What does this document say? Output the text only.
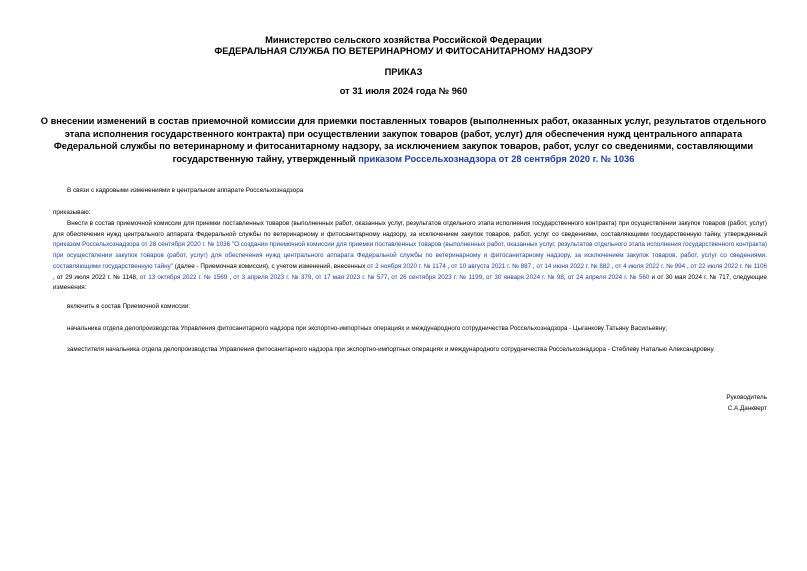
Министерство сельского хозяйства Российской Федерации
ФЕДЕРАЛЬНАЯ СЛУЖБА ПО ВЕТЕРИНАРНОМУ И ФИТОСАНИТАРНОМУ НАДЗОРУ
ПРИКАЗ
от 31 июля 2024 года № 960
О внесении изменений в состав приемочной комиссии для приемки поставленных товаров (выполненных работ, оказанных услуг, результатов отдельного этапа исполнения государственного контракта) при осуществлении закупок товаров (работ, услуг) для обеспечения нужд центрального аппарата Федеральной службы по ветеринарному и фитосанитарному надзору, за исключением закупок товаров, работ, услуг со сведениями, составляющими государственную тайну, утвержденный приказом Россельхознадзора от 28 сентября 2020 г. № 1036
В связи с кадровыми изменениями в центральном аппарате Россельхознадзора
приказываю:
Внести в состав приемочной комиссии для приемки поставленных товаров (выполненных работ, оказанных услуг, результатов отдельного этапа исполнения государственного контракта) при осуществлении закупок товаров (работ, услуг) для обеспечения нужд центрального аппарата Федеральной службы по ветеринарному и фитосанитарному надзору, за исключением закупок товаров, работ, услуг со сведениями, составляющими государственную тайну, утвержденный приказом Россельхознадзора от 28 сентября 2020 г. № 1036 "О создании приемочной комиссии для приемки поставленных товаров (выполненных работ, оказанных услуг, результатов отдельного этапа исполнения государственного контракта) при осуществлении закупок товаров (работ, услуг) для обеспечения нужд центрального аппарата Федеральной службы по ветеринарному и фитосанитарному надзору, за исключением закупок товаров, работ, услуг со сведениями, составляющими государственную тайну" (далее - Приемочная комиссия), с учетом изменений, внесенных от 2 ноября 2020 г. № 1174 , от 10 августа 2021 г. № 887 , от 14 июня 2022 г. № 882 , от 4 июля 2022 г. № 994 , от 22 июля 2022 г. № 1106 , от 29 июля 2022 г. № 1148, от 13 октября 2022 г. № 1569 , от 3 апреля 2023 г. № 379, от 17 мая 2023 г. № 577, от 26 сентября 2023 г. № 1199, от 30 января 2024 г. № 98, от 24 апреля 2024 г. № 560 и от 30 мая 2024 г. № 717, следующие изменения:
включить в состав Приемочной комиссии:
начальника отдела делопроизводства Управления фитосанитарного надзора при экспортно-импортных операциях и международного сотрудничества Россельхознадзора - Цыганкову Татьяну Васильевну;
заместителя начальника отдела делопроизводства Управления фитосанитарного надзора при экспортно-импортных операциях и международного сотрудничества Россельхознадзора - Стеблеву Наталью Александровну.
Руководитель
С.А.Данкверт
